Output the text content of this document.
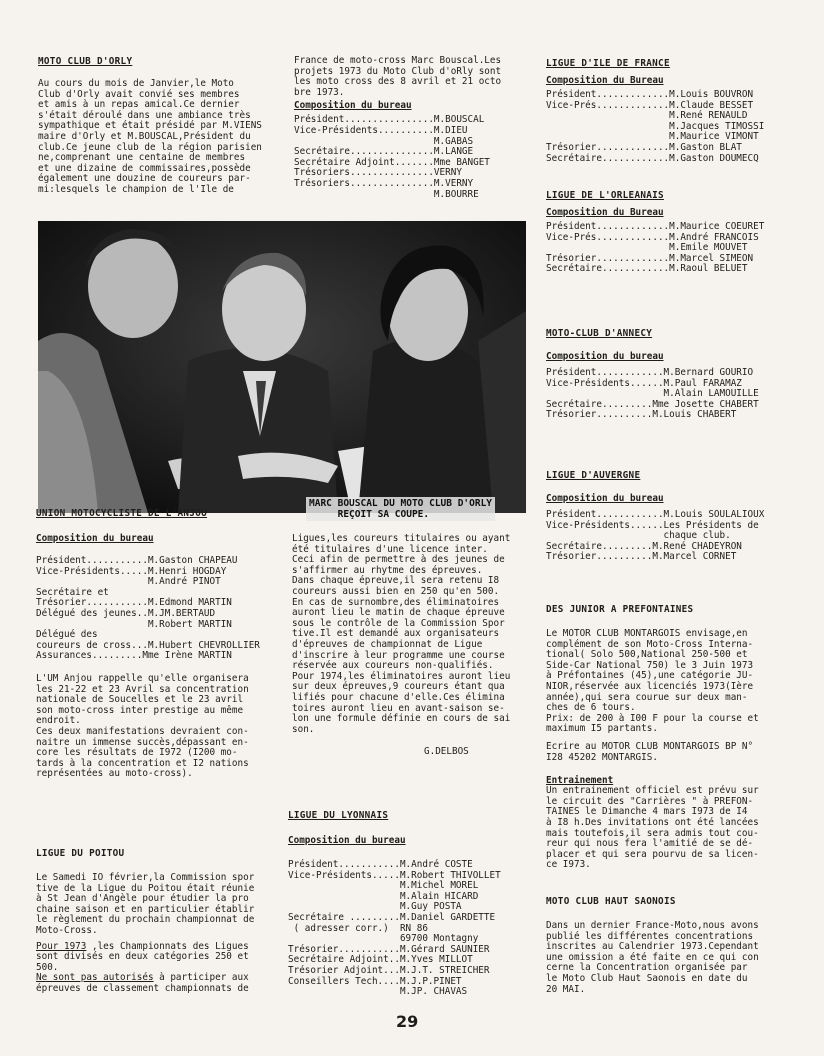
MOTO CLUB D'ORLY
Au cours du mois de Janvier,le Moto
Club d'Orly avait convié ses membres
et amis à un repas amical.Ce dernier
s'était déroulé dans une ambiance très
sympathique et était présidé par M.VIENS
maire d'Orly et M.BOUSCAL,Président du
club.Ce jeune club de la région parisien
ne,comprenant une centaine de membres
et une dizaine de commissaires,possède
également une douzine de coureurs par-
mi:lesquels le champion de l'Ile de
France de moto-cross Marc Bouscal.Les
projets 1973 du Moto Club d'oRly sont
les moto cross des 8 avril et 21 octo
bre 1973.
Composition du bureau
Président................M.BOUSCAL
Vice-Présidents..........M.DIEU
M.GABAS
Secrétaire...............M.LANGE
Secrétaire Adjoint.......Mme BANGET
Trésoriers...............VERNY
Trésoriers...............M.VERNY
M.BOURRE
LIGUE D'ILE DE FRANCE
Composition du Bureau
Président.............M.Louis BOUVRON
Vice-Prés.............M.Claude BESSET
M.René RENAULD
M.Jacques TIMOSSI
M.Maurice VIMONT
Trésorier.............M.Gaston BLAT
Secrétaire............M.Gaston DOUMECQ
LIGUE DE L'ORLEANAIS
Composition du Bureau
Président.............M.Maurice COEURET
Vice-Prés.............M.André FRANCOIS
M.Emile MOUVET
Trésorier.............M.Marcel SIMEON
Secrétaire............M.Raoul BELUET
MARC BOUSCAL DU MOTO CLUB D'ORLY
REÇOIT SA COUPE.
MOTO-CLUB D'ANNECY
Composition du bureau
Président............M.Bernard GOURIO
Vice-Présidents......M.Paul FARAMAZ
M.Alain LAMOUILLE
Secrétaire.........Mme Josette CHABERT
Trésorier..........M.Louis CHABERT
LIGUE D'AUVERGNE
Composition du bureau
Président............M.Louis SOULALIOUX
Vice-Présidents......Les Présidents de
chaque club.
Secrétaire.........M.René CHADEYRON
Trésorier..........M.Marcel CORNET
UNION MOTOCYCLISTE DE L'ANJOU
Composition du bureau
Président...........M.Gaston CHAPEAU
Vice-Présidents.....M.Henri HOGDAY
M.André PINOT
Secrétaire et
Trésorier...........M.Edmond MARTIN
Délégué des jeunes..M.JM.BERTAUD
M.Robert MARTIN
Délégué des
coureurs de cross...M.Hubert CHEVROLLIER
Assurances.........Mme Irène MARTIN
L'UM Anjou rappelle qu'elle organisera
les 21-22 et 23 Avril sa concentration
nationale de Soucelles et le 23 avril
son moto-cross inter prestige au même
endroit.
Ces deux manifestations devraient con-
naitre un immense succès,dépassant en-
core les résultats de I972 (I200 mo-
tards à la concentration et I2 nations
représentées au moto-cross).
Ligues,les coureurs titulaires ou ayant
été titulaires d'une licence inter.
Ceci afin de permettre à des jeunes de
s'affirmer au rhytme des épreuves.
Dans chaque épreuve,il sera retenu I8
coureurs aussi bien en 250 qu'en 500.
En cas de surnombre,des éliminatoires
auront lieu le matin de chaque épreuve
sous le contrôle de la Commission Spor
tive.Il est demandé aux organisateurs
d'épreuves de championnat de Ligue
d'inscrire à leur programme une course
réservée aux coureurs non-qualifiés.
Pour 1974,les éliminatoires auront lieu
sur deux épreuves,9 coureurs étant qua
lifiés pour chacune d'elle.Ces élimina
toires auront lieu en avant-saison se-
lon une formule définie en cours de sai
son.
G.DELBOS
DES JUNIOR A PREFONTAINES
Le MOTOR CLUB MONTARGOIS envisage,en
complément de son Moto-Cross Interna-
tional( Solo 500,National 250-500 et
Side-Car National 750) le 3 Juin 1973
à Préfontaines (45),une catégorie JU-
NIOR,réservée aux licenciés 1973(Ière
année),qui sera courue sur deux man-
ches de 6 tours.
Prix: de 200 à I00 F pour la course et
maximum I5 partants.
Ecrire au MOTOR CLUB MONTARGOIS BP N°
I28 45202 MONTARGIS.
Entrainement
Un entrainement officiel est prévu sur
le circuit des "Carrières " à PREFON-
TAINES le Dimanche 4 mars I973 de I4
à I8 h.Des invitations ont été lancées
mais toutefois,il sera admis tout cou-
reur qui nous fera l'amitié de se dé-
placer et qui sera pourvu de sa licen-
ce I973.
LIGUE DU POITOU
Le Samedi IO février,la Commission spor
tive de la Ligue du Poitou était réunie
à St Jean d'Angèle pour étudier la pro
chaine saison et en particulier établir
le règlement du prochain championnat de
Moto-Cross.
Pour 1973 ,les Championnats des Ligues
sont divisés en deux catégories 250 et
500.
Ne sont pas autorisés à participer aux
épreuves de classement championnats de
LIGUE DU LYONNAIS
Composition du bureau
Président...........M.André COSTE
Vice-Présidents.....M.Robert THIVOLLET
M.Michel MOREL
M.Alain HICARD
M.Guy POSTA
Secrétaire .........M.Daniel GARDETTE
( adresser corr.)  RN 86
69700 Montagny
Trésorier...........M.Gérard SAUNIER
Secrétaire Adjoint..M.Yves MILLOT
Trésorier Adjoint...M.J.T. STREICHER
Conseillers Tech....M.J.P.PINET
M.JP. CHAVAS
MOTO CLUB HAUT SAONOIS
Dans un dernier France-Moto,nous avons
publié les différentes concentrations
inscrites au Calendrier 1973.Cependant
une omission a été faite en ce qui con
cerne la Concentration organisée par
le Moto Club Haut Saonois en date du
20 MAI.
29
